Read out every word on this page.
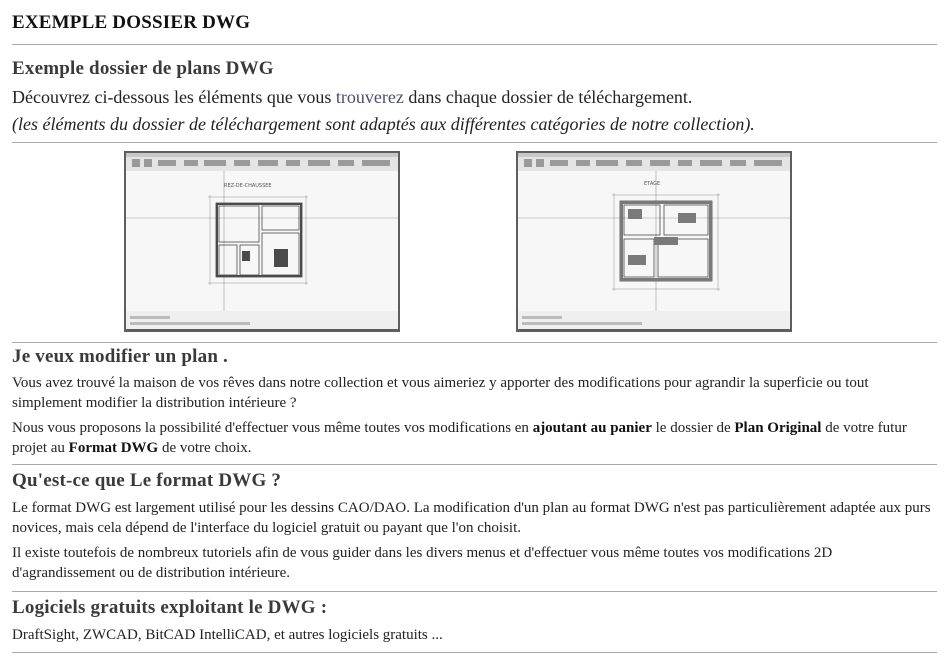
EXEMPLE DOSSIER DWG
Exemple dossier de plans DWG
Découvrez ci-dessous les éléments que vous trouverez dans chaque dossier de téléchargement.
(les éléments du dossier de téléchargement sont adaptés aux différentes catégories de notre collection).
REZ-DE-CHAUSSEE	ETAGE
Je veux modifier un plan .
Vous avez trouvé la maison de vos rêves dans notre collection et vous aimeriez y apporter des modifications pour agrandir la superficie ou tout simplement modifier la distribution intérieure ?
Nous vous proposons la possibilité d'effectuer vous même toutes vos modifications en ajoutant au panier le dossier de Plan Original de votre futur projet au Format DWG de votre choix.
Qu'est-ce que Le format DWG ?
Le format DWG est largement utilisé pour les dessins CAO/DAO. La modification d'un plan au format DWG n'est pas particulièrement adaptée aux purs novices, mais cela dépend de l'interface du logiciel gratuit ou payant que l'on choisit.
Il existe toutefois de nombreux tutoriels afin de vous guider dans les divers menus et d'effectuer vous même toutes vos modifications 2D d'agrandissement ou de distribution intérieure.
Logiciels gratuits exploitant le DWG :
DraftSight, ZWCAD, BitCAD IntelliCAD, et autres logiciels gratuits ...
